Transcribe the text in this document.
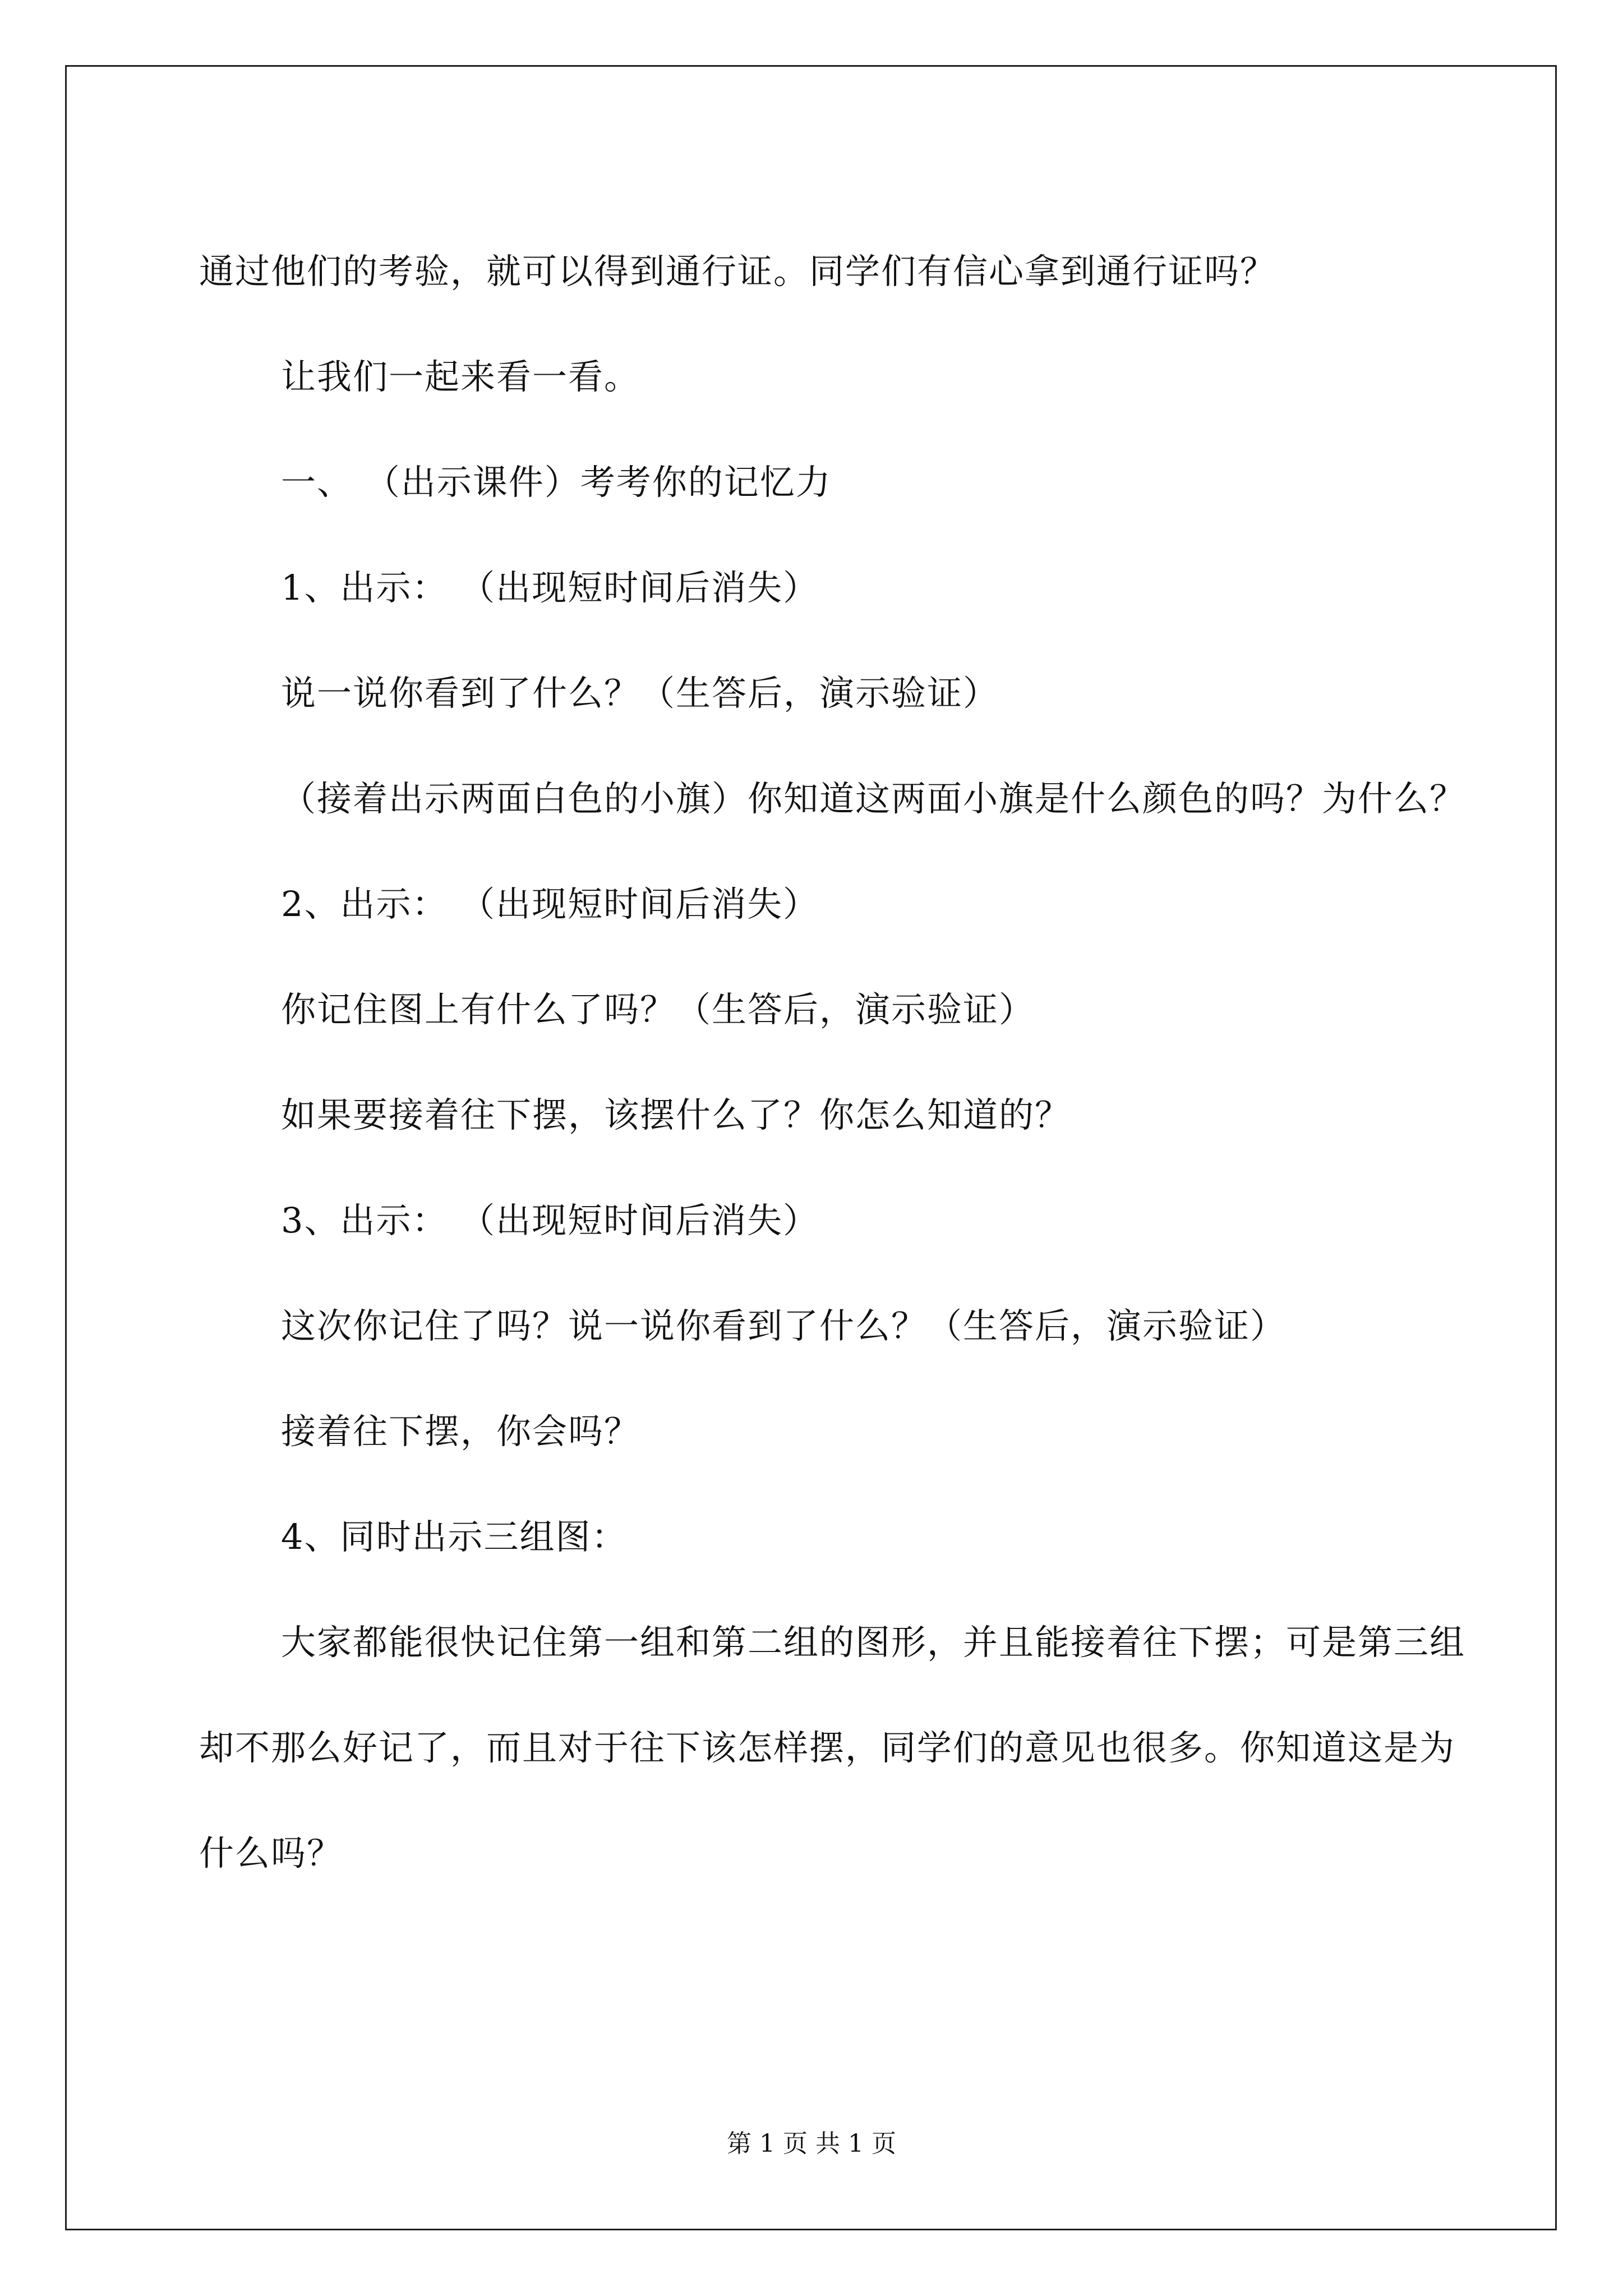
通过他们的考验，就可以得到通行证。同学们有信心拿到通行证吗？

让我们一起来看一看。

一、 （出示课件）考考你的记忆力

1、出示： （出现短时间后消失）

说一说你看到了什么？（生答后，演示验证）

（接着出示两面白色的小旗）你知道这两面小旗是什么颜色的吗？为什么？

2、出示： （出现短时间后消失）

你记住图上有什么了吗？（生答后，演示验证）

如果要接着往下摆，该摆什么了？你怎么知道的？

3、出示： （出现短时间后消失）

这次你记住了吗？说一说你看到了什么？（生答后，演示验证）

接着往下摆，你会吗？

4、同时出示三组图：

大家都能很快记住第一组和第二组的图形，并且能接着往下摆；可是第三组却不那么好记了，而且对于往下该怎样摆，同学们的意见也很多。你知道这是为什么吗？

第 1 页 共 1 页
